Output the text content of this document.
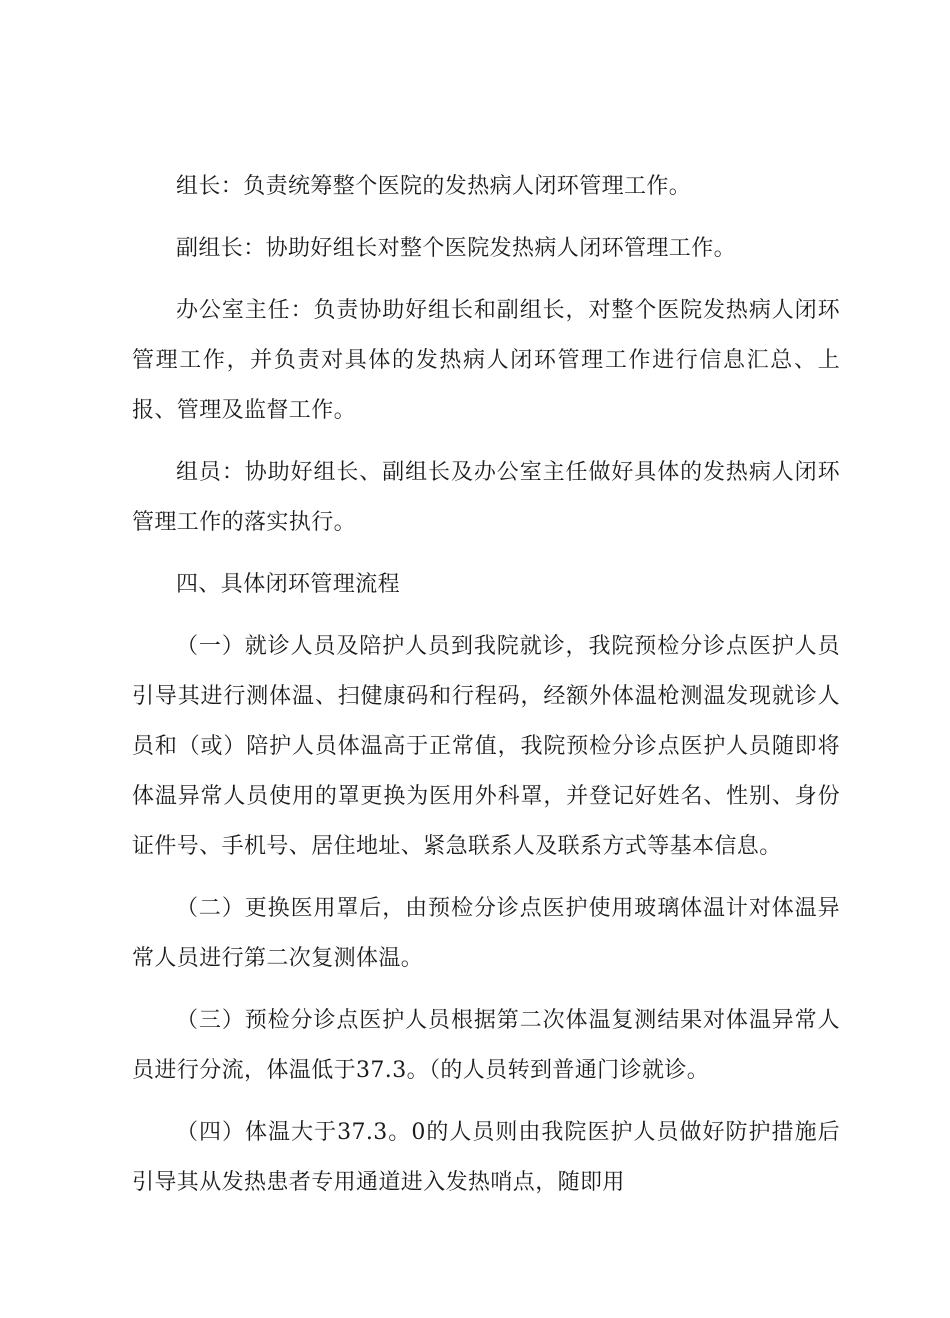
组长：负责统筹整个医院的发热病人闭环管理工作。

副组长：协助好组长对整个医院发热病人闭环管理工作。

办公室主任：负责协助好组长和副组长，对整个医院发热病人闭环管理工作，并负责对具体的发热病人闭环管理工作进行信息汇总、上报、管理及监督工作。

组员：协助好组长、副组长及办公室主任做好具体的发热病人闭环管理工作的落实执行。

四、具体闭环管理流程

（一）就诊人员及陪护人员到我院就诊，我院预检分诊点医护人员引导其进行测体温、扫健康码和行程码，经额外体温枪测温发现就诊人员和（或）陪护人员体温高于正常值，我院预检分诊点医护人员随即将体温异常人员使用的罩更换为医用外科罩，并登记好姓名、性别、身份证件号、手机号、居住地址、紧急联系人及联系方式等基本信息。

（二）更换医用罩后，由预检分诊点医护使用玻璃体温计对体温异常人员进行第二次复测体温。

（三）预检分诊点医护人员根据第二次体温复测结果对体温异常人员进行分流，体温低于37.3。（的人员转到普通门诊就诊。

（四）体温大于37.3。0的人员则由我院医护人员做好防护措施后引导其从发热患者专用通道进入发热哨点，随即用
